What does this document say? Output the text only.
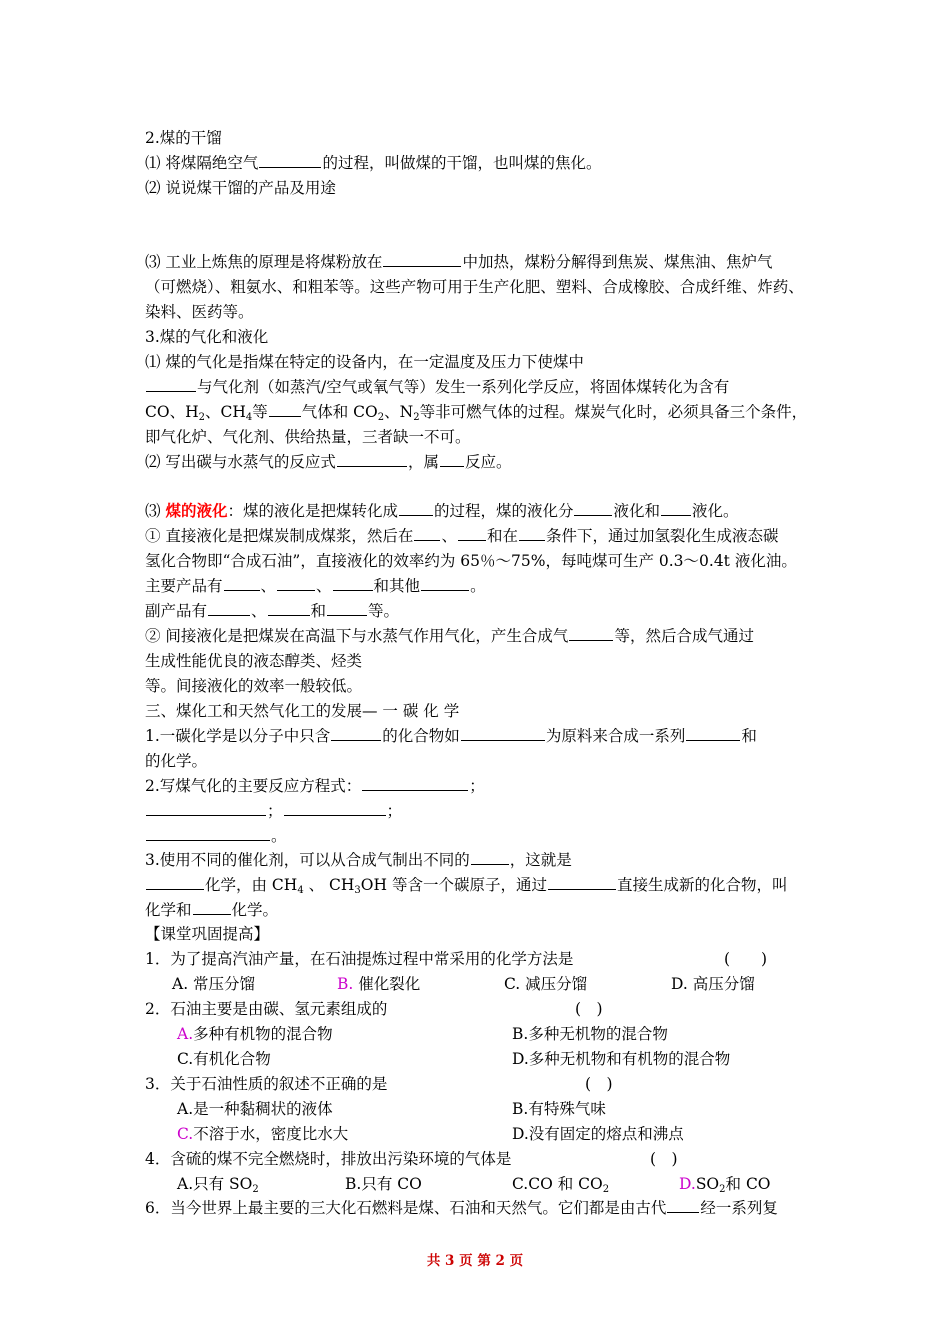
2.煤的干馏
⑴ 将煤隔绝空气	的过程，叫做煤的干馏，也叫煤的焦化。
⑵ 说说煤干馏的产品及用途
⑶ 工业上炼焦的原理是将煤粉放在	中加热，煤粉分解得到焦炭、煤焦油、焦炉气
（可燃烧）、粗氨水、和粗苯等。这些产物可用于生产化肥、塑料、合成橡胶、合成纤维、炸药、
染料、医药等。
3.煤的气化和液化
⑴ 煤的气化是指煤在特定的设备内，在一定温度及压力下使煤中
与气化剂（如蒸汽/空气或氧气等）发生一系列化学反应，将固体煤转化为含有
CO、$H_2$、$CH_4$等 气体和 $CO_2$、$N_2$等非可燃气体的过程。煤炭气化时，必须具备三个条件，
即气化炉、气化剂、供给热量，三者缺一不可。
⑵ 写出碳与水蒸气的反应式	，属 反应。
⑶ 煤的液化：煤的液化是把煤转化成 的过程，煤的液化分	液化和 液化。
① 直接液化是把煤炭制成煤浆，然后在 、 和在 条件下，通过加氢裂化生成液态碳
氢化合物即“合成石油”，直接液化的效率约为 65％～75%，每吨煤可生产 0.3～0.4t 液化油。
主要产品有 、	、	和其他	。
副产品有	、	和	等。
② 间接液化是把煤炭在高温下与水蒸气作用气化，产生合成气	等，然后合成气通过
生成性能优良的液态醇类、烃类
等。间接液化的效率一般较低。
三、煤化工和天然气化工的发展— 一 碳 化 学
1.一碳化学是以分子中只含	的化合物如	为原料来合成一系列	和
的化学。
2.写煤气化的主要反应方程式：	；
；	；
。
3.使用不同的催化剂，可以从合成气制出不同的	，这就是
化学，由 $CH_4$ 、 $CH_3OH$ 等含一个碳原子，通过	直接生成新的化合物，叫
化学和	化学。
【课堂巩固提高】
1．为了提高汽油产量，在石油提炼过程中常采用的化学方法是	(　　)
A. 常压分馏	B. 催化裂化	C. 减压分馏	D. 高压分馏
2．石油主要是由碳、氢元素组成的	(　)
A.多种有机物的混合物	B.多种无机物的混合物
C.有机化合物	D.多种无机物和有机物的混合物
3．关于石油性质的叙述不正确的是	(　)
A.是一种黏稠状的液体	B.有特殊气味
C.不溶于水，密度比水大	D.没有固定的熔点和沸点
4．含硫的煤不完全燃烧时，排放出污染环境的气体是	(　)
A.只有 $SO_2$	B.只有 CO	C.CO 和 $CO_2$	$D.SO_2$和 CO
6．当今世界上最主要的三大化石燃料是煤、石油和天然气。它们都是由古代 经一系列复
共 3 页 第 2 页
